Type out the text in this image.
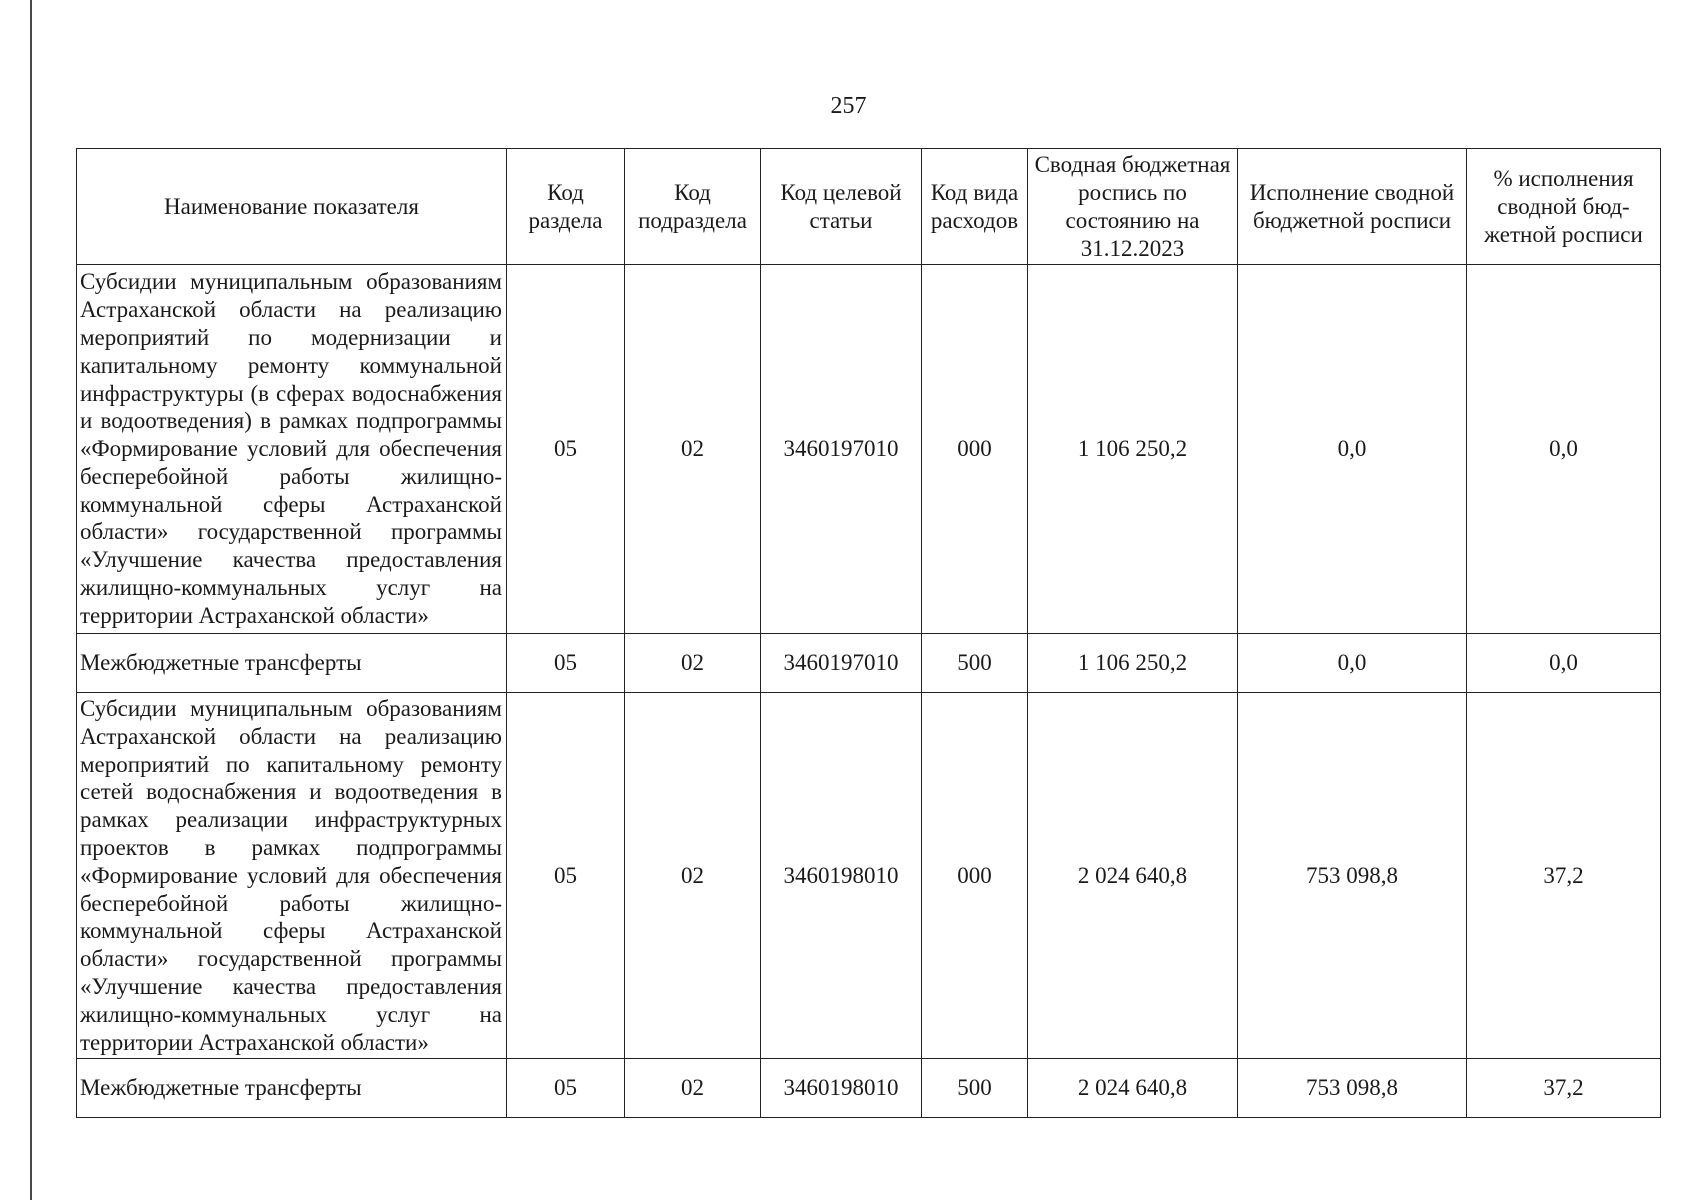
257
Наименование показателя	Код раздела	Код подраздела	Код целевой статьи	Код вида расходов	Сводная бюджетная роспись по состоянию на 31.12.2023	Исполнение сводной бюджетной росписи	% исполнения сводной бюд-жетной росписи
Субсидии муниципальным образованиям Астраханской области на реализацию мероприятий по модернизации и капитальному ремонту коммунальной инфраструктуры (в сферах водоснабжения и водоотведения) в рамках подпрограммы «Формирование условий для обеспечения бесперебойной работы жилищно-коммунальной сферы Астраханской области» государственной программы «Улучшение качества предоставления жилищно-коммунальных услуг на территории Астраханской области»	05	02	3460197010	000	1 106 250,2	0,0	0,0
Межбюджетные трансферты	05	02	3460197010	500	1 106 250,2	0,0	0,0
Субсидии муниципальным образованиям Астраханской области на реализацию мероприятий по капитальному ремонту сетей водоснабжения и водоотведения в рамках реализации инфраструктурных проектов в рамках подпрограммы «Формирование условий для обеспечения бесперебойной работы жилищно-коммунальной сферы Астраханской области» государственной программы «Улучшение качества предоставления жилищно-коммунальных услуг на территории Астраханской области»	05	02	3460198010	000	2 024 640,8	753 098,8	37,2
Межбюджетные трансферты	05	02	3460198010	500	2 024 640,8	753 098,8	37,2
